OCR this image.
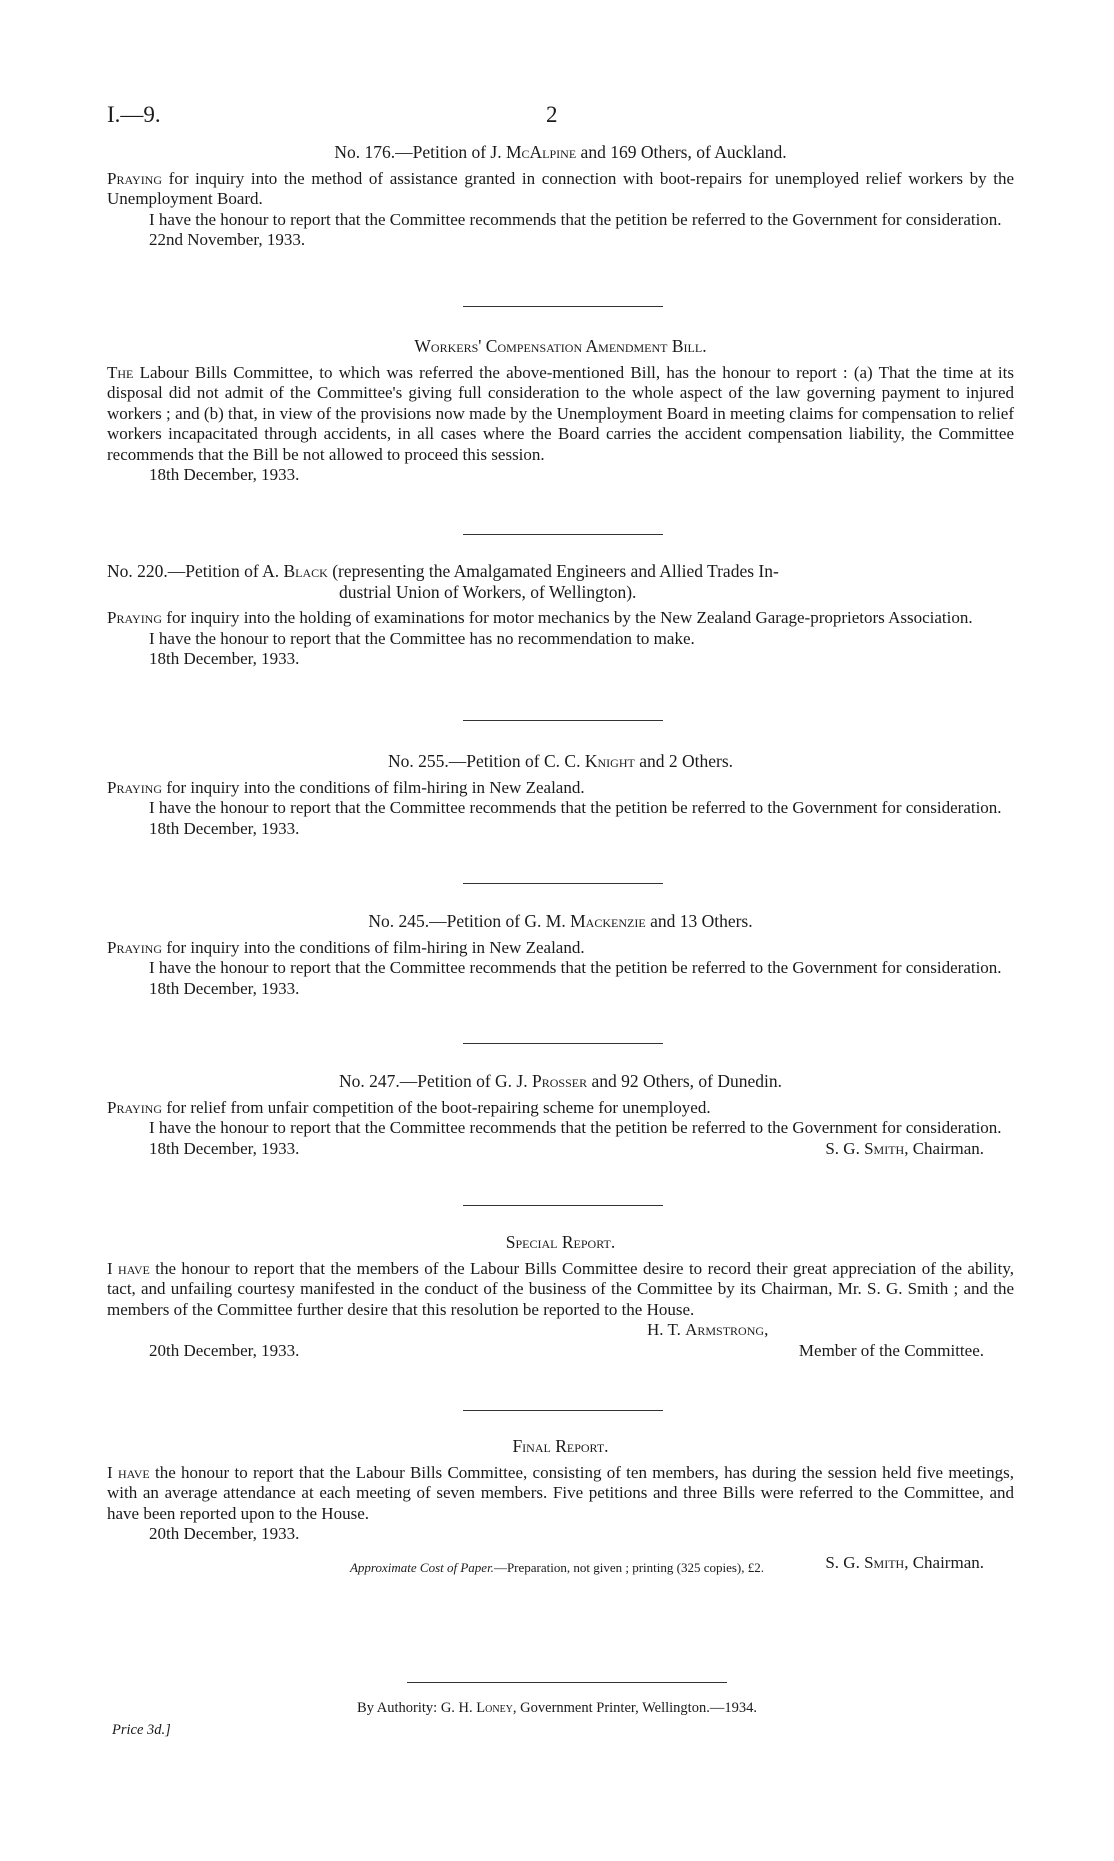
I.—9.	2
No. 176.—Petition of J. McAlpine and 169 Others, of Auckland.

Praying for inquiry into the method of assistance granted in connection with boot-repairs for unemployed relief workers by the Unemployment Board.

I have the honour to report that the Committee recommends that the petition be referred to the Government for consideration.

22nd November, 1933.
Workers' Compensation Amendment Bill.

The Labour Bills Committee, to which was referred the above-mentioned Bill, has the honour to report : (a) That the time at its disposal did not admit of the Committee's giving full consideration to the whole aspect of the law governing payment to injured workers ; and (b) that, in view of the provisions now made by the Unemployment Board in meeting claims for compensation to relief workers incapacitated through accidents, in all cases where the Board carries the accident compensation liability, the Committee recommends that the Bill be not allowed to proceed this session.

18th December, 1933.
No. 220.—Petition of A. Black (representing the Amalgamated Engineers and Allied Trades In-
dustrial Union of Workers, of Wellington).

Praying for inquiry into the holding of examinations for motor mechanics by the New Zealand Garage-proprietors Association.

I have the honour to report that the Committee has no recommendation to make.

18th December, 1933.
No. 255.—Petition of C. C. Knight and 2 Others.

Praying for inquiry into the conditions of film-hiring in New Zealand.

I have the honour to report that the Committee recommends that the petition be referred to the Government for consideration.

18th December, 1933.
No. 245.—Petition of G. M. Mackenzie and 13 Others.

Praying for inquiry into the conditions of film-hiring in New Zealand.

I have the honour to report that the Committee recommends that the petition be referred to the Government for consideration.

18th December, 1933.
No. 247.—Petition of G. J. Prosser and 92 Others, of Dunedin.

Praying for relief from unfair competition of the boot-repairing scheme for unemployed.

I have the honour to report that the Committee recommends that the petition be referred to the Government for consideration.

18th December, 1933.	S. G. Smith, Chairman.
Special Report.

I have the honour to report that the members of the Labour Bills Committee desire to record their great appreciation of the ability, tact, and unfailing courtesy manifested in the conduct of the business of the Committee by its Chairman, Mr. S. G. Smith ; and the members of the Committee further desire that this resolution be reported to the House.

H. T. Armstrong,
20th December, 1933.	Member of the Committee.
Final Report.

I have the honour to report that the Labour Bills Committee, consisting of ten members, has during the session held five meetings, with an average attendance at each meeting of seven members. Five petitions and three Bills were referred to the Committee, and have been reported upon to the House.

20th December, 1933.
S. G. Smith, Chairman.
Approximate Cost of Paper.—Preparation, not given ; printing (325 copies), £2.
By Authority: G. H. Loney, Government Printer, Wellington.—1934.
Price 3d.]
